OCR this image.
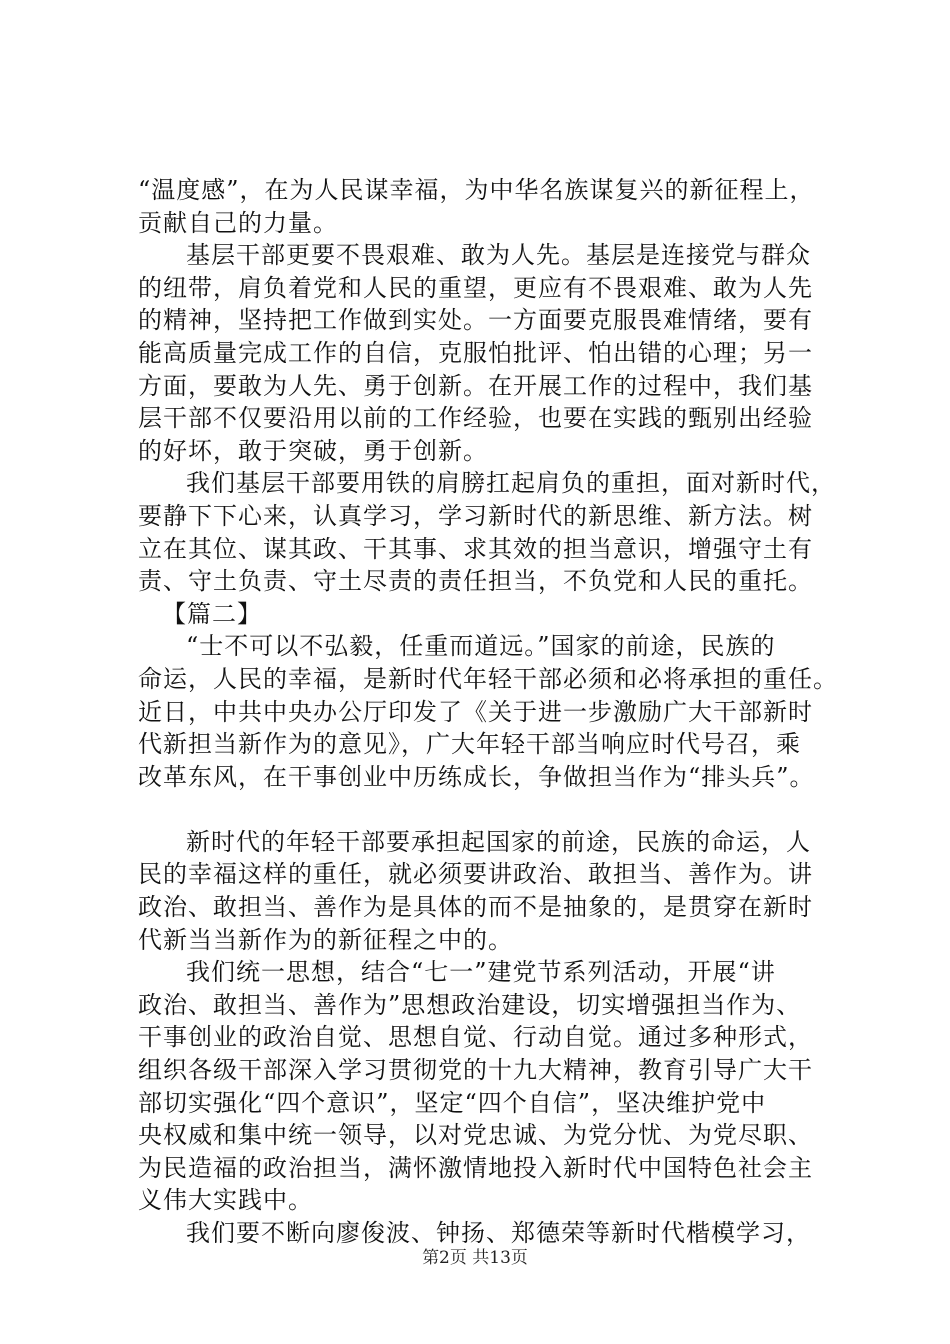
“温度感”，在为人民谋幸福，为中华名族谋复兴的新征程上，

贡献自己的力量。

基层干部更要不畏艰难、敢为人先。基层是连接党与群众

的纽带，肩负着党和人民的重望，更应有不畏艰难、敢为人先

的精神，坚持把工作做到实处。一方面要克服畏难情绪，要有

能高质量完成工作的自信，克服怕批评、怕出错的心理；另一

方面，要敢为人先、勇于创新。在开展工作的过程中，我们基

层干部不仅要沿用以前的工作经验，也要在实践的甄别出经验

的好坏，敢于突破，勇于创新。

我们基层干部要用铁的肩膀扛起肩负的重担，面对新时代，

要静下下心来，认真学习，学习新时代的新思维、新方法。树

立在其位、谋其政、干其事、求其效的担当意识，增强守土有

责、守土负责、守土尽责的责任担当，不负党和人民的重托。

【篇二】

“士不可以不弘毅，任重而道远。”国家的前途，民族的

命运，人民的幸福，是新时代年轻干部必须和必将承担的重任。

近日，中共中央办公厅印发了《关于进一步激励广大干部新时

代新担当新作为的意见》，广大年轻干部当响应时代号召，乘

改革东风，在干事创业中历练成长，争做担当作为“排头兵”。

新时代的年轻干部要承担起国家的前途，民族的命运，人

民的幸福这样的重任，就必须要讲政治、敢担当、善作为。讲

政治、敢担当、善作为是具体的而不是抽象的，是贯穿在新时

代新当当新作为的新征程之中的。

我们统一思想，结合“七一”建党节系列活动，开展“讲

政治、敢担当、善作为”思想政治建设，切实增强担当作为、

干事创业的政治自觉、思想自觉、行动自觉。通过多种形式，

组织各级干部深入学习贯彻党的十九大精神，教育引导广大干

部切实强化“四个意识”，坚定“四个自信”，坚决维护党中

央权威和集中统一领导，以对党忠诚、为党分忧、为党尽职、

为民造福的政治担当，满怀激情地投入新时代中国特色社会主

义伟大实践中。

我们要不断向廖俊波、钟扬、郑德荣等新时代楷模学习，

第2页 共13页
